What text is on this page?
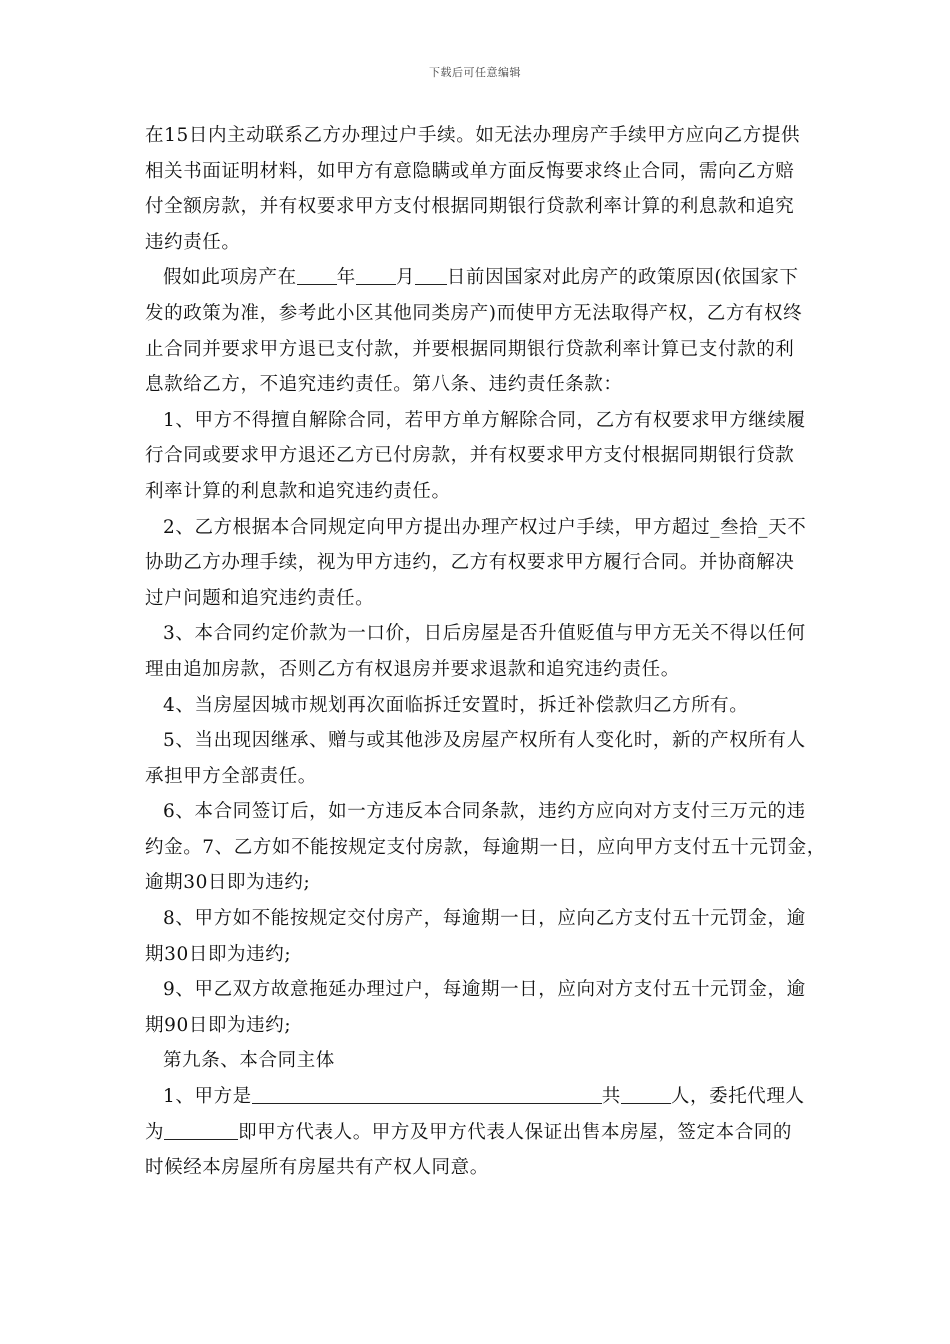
下载后可任意编辑
在15日内主动联系乙方办理过户手续。如无法办理房产手续甲方应向乙方提供
相关书面证明材料，如甲方有意隐瞒或单方面反悔要求终止合同，需向乙方赔
付全额房款，并有权要求甲方支付根据同期银行贷款利率计算的利息款和追究
违约责任。
假如此项房产在 年 月 日前因国家对此房产的政策原因(依国家下
发的政策为准，参考此小区其他同类房产)而使甲方无法取得产权，乙方有权终
止合同并要求甲方退已支付款，并要根据同期银行贷款利率计算已支付款的利
息款给乙方，不追究违约责任。第八条、违约责任条款：
1、甲方不得擅自解除合同，若甲方单方解除合同，乙方有权要求甲方继续履
行合同或要求甲方退还乙方已付房款，并有权要求甲方支付根据同期银行贷款
利率计算的利息款和追究违约责任。
2、乙方根据本合同规定向甲方提出办理产权过户手续，甲方超过_叁拾_天不
协助乙方办理手续，视为甲方违约，乙方有权要求甲方履行合同。并协商解决
过户问题和追究违约责任。
3、本合同约定价款为一口价，日后房屋是否升值贬值与甲方无关不得以任何
理由追加房款，否则乙方有权退房并要求退款和追究违约责任。
4、当房屋因城市规划再次面临拆迁安置时，拆迁补偿款归乙方所有。
5、当出现因继承、赠与或其他涉及房屋产权所有人变化时，新的产权所有人
承担甲方全部责任。
6、本合同签订后，如一方违反本合同条款，违约方应向对方支付三万元的违
约金。7、乙方如不能按规定支付房款，每逾期一日，应向甲方支付五十元罚金，
逾期30日即为违约;
8、甲方如不能按规定交付房产，每逾期一日，应向乙方支付五十元罚金，逾
期30日即为违约;
9、甲乙双方故意拖延办理过户，每逾期一日，应向对方支付五十元罚金，逾
期90日即为违约;
第九条、本合同主体
1、甲方是	共	人，委托代理人
为	即甲方代表人。甲方及甲方代表人保证出售本房屋，签定本合同的
时候经本房屋所有房屋共有产权人同意。
